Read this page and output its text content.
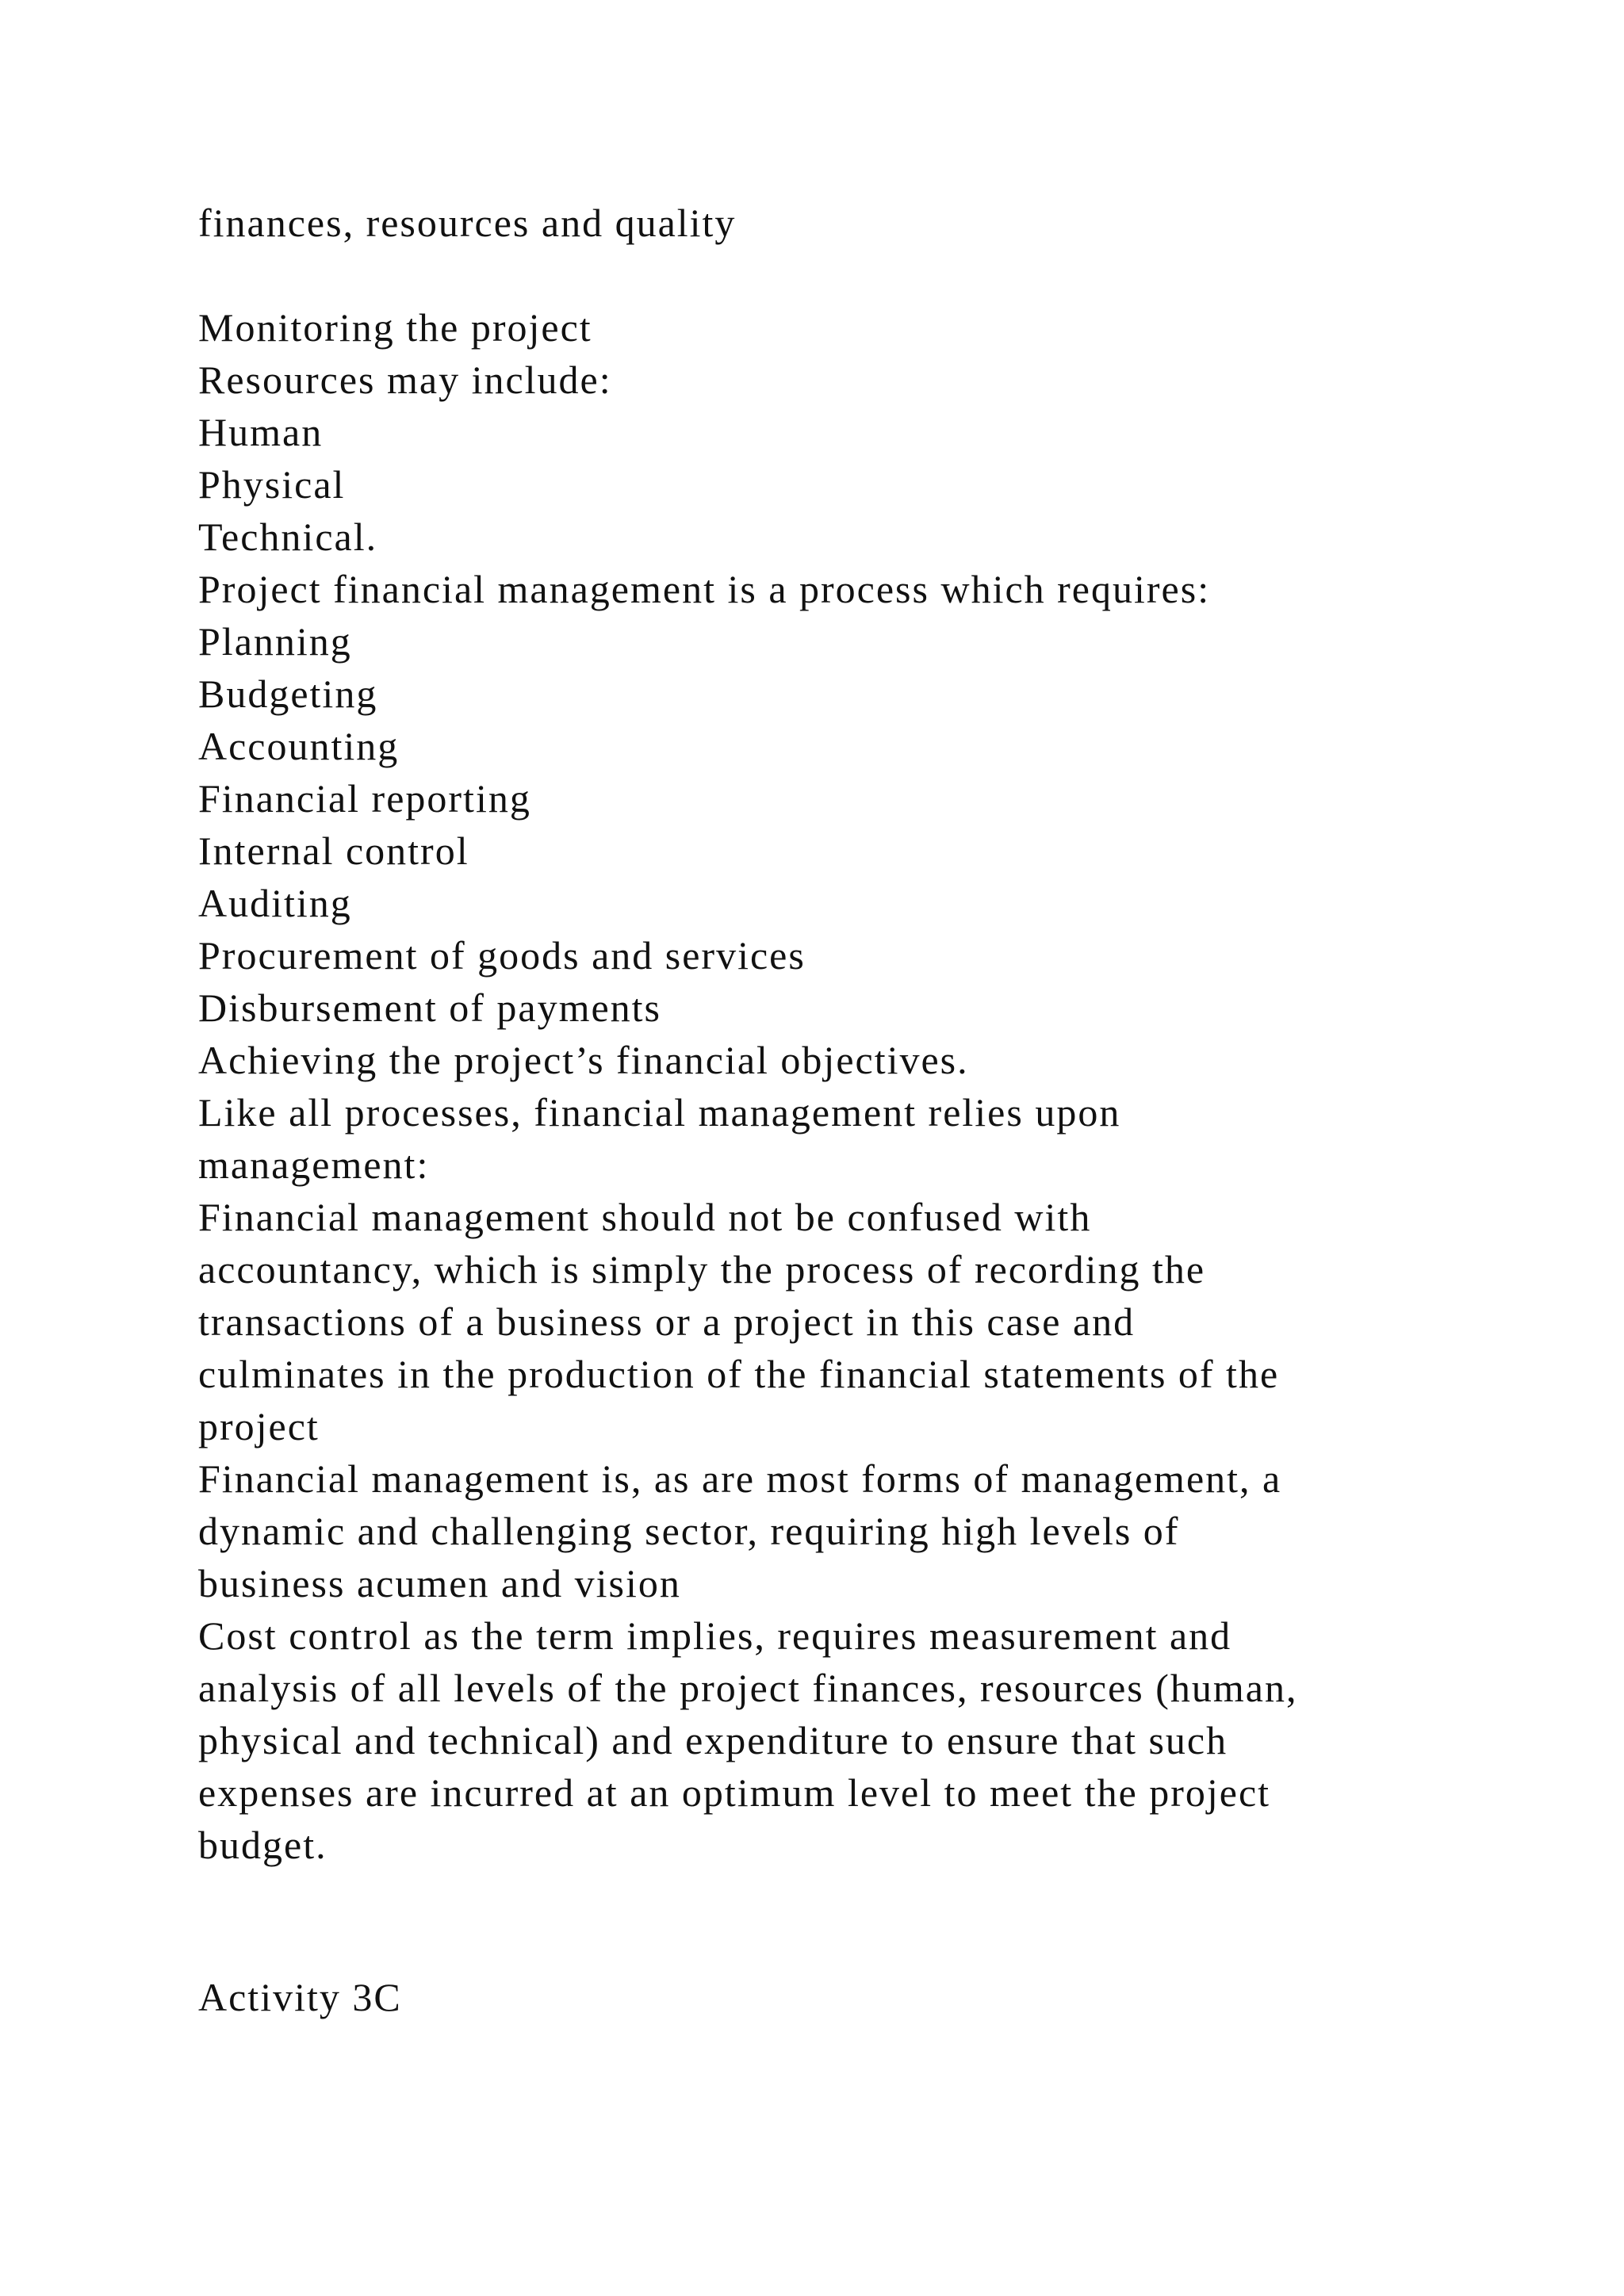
finances, resources and quality
Monitoring the project
Resources may include:
Human
Physical
Technical.
Project financial management is a process which requires:
Planning
Budgeting
Accounting
Financial reporting
Internal control
Auditing
Procurement of goods and services
Disbursement of payments
Achieving the project’s financial objectives.
Like all processes, financial management relies upon
management:
Financial management should not be confused with
accountancy, which is simply the process of recording the
transactions of a business or a project in this case and
culminates in the production of the financial statements of the
project
Financial management is, as are most forms of management, a
dynamic and challenging sector, requiring high levels of
business acumen and vision
Cost control as the term implies, requires measurement and
analysis of all levels of the project finances, resources (human,
physical and technical) and expenditure to ensure that such
expenses are incurred at an optimum level to meet the project
budget.
Activity 3C
